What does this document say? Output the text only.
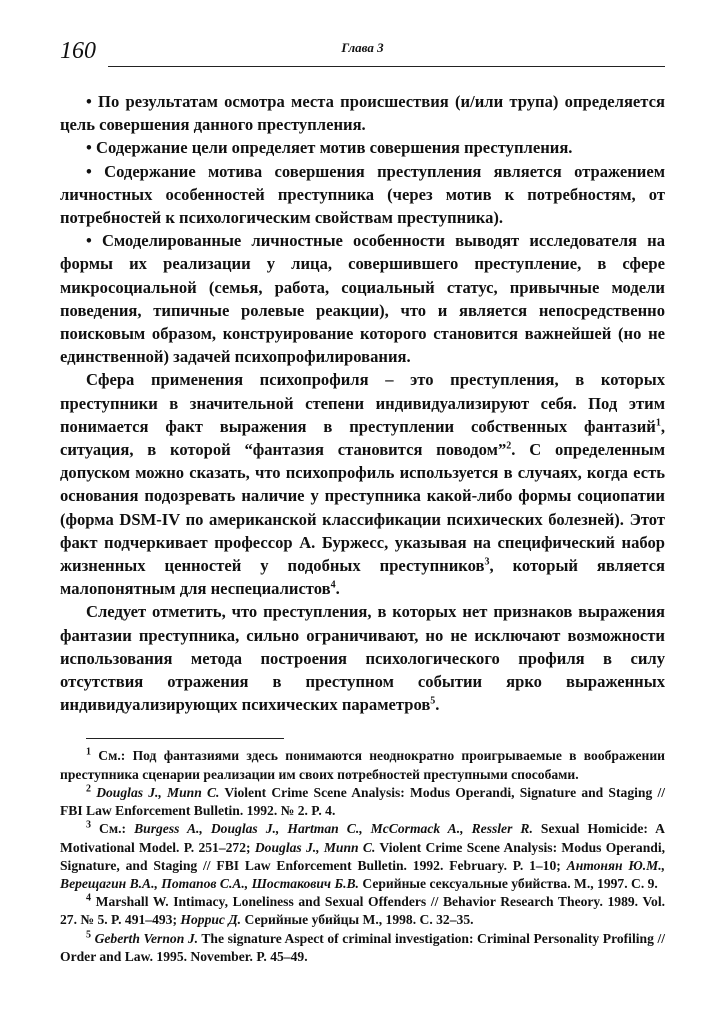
160	Глава 3

• По результатам осмотра места происшествия (и/или трупа) определяется цель совершения данного преступления.

• Содержание цели определяет мотив совершения преступления.

• Содержание мотива совершения преступления является отражением личностных особенностей преступника (через мотив к потребностям, от потребностей к психологическим свойствам преступника).

• Смоделированные личностные особенности выводят исследователя на формы их реализации у лица, совершившего преступление, в сфере микросоциальной (семья, работа, социальный статус, привычные модели поведения, типичные ролевые реакции), что и является непосредственно поисковым образом, конструирование которого становится важнейшей (но не единственной) задачей психопрофилирования.

Сфера применения психопрофиля – это преступления, в которых преступники в значительной степени индивидуализируют себя. Под этим понимается факт выражения в преступлении собственных фантазий$^1$, ситуация, в которой “фантазия становится поводом”$^2$. С определенным допуском можно сказать, что психопрофиль используется в случаях, когда есть основания подозревать наличие у преступника какой-либо формы социопатии (форма DSM-IV по американской классификации психических болезней). Этот факт подчеркивает профессор А. Буржесс, указывая на специфический набор жизненных ценностей у подобных преступников$^3$, который является малопонятным для неспециалистов$^4$.

Следует отметить, что преступления, в которых нет признаков выражения фантазии преступника, сильно ограничивают, но не исключают возможности использования метода построения психологического профиля в силу отсутствия отражения в преступном событии ярко выраженных индивидуализирующих психических параметров$^5$.

$^1$ См.: Под фантазиями здесь понимаются неоднократно проигрываемые в воображении преступника сценарии реализации им своих потребностей преступными способами.

$^2$ Douglas J., Munn C. Violent Crime Scene Analysis: Modus Operandi, Signature and Staging // FBI Law Enforcement Bulletin. 1992. № 2. P. 4.

$^3$ См.: Burgess A., Douglas J., Hartman C., McCormack A., Ressler R. Sexual Homicide: A Motivational Model. P. 251–272; Douglas J., Munn C. Violent Crime Scene Analysis: Modus Operandi, Signature, and Staging // FBI Law Enforcement Bulletin. 1992. February. P. 1–10; Антонян Ю.М., Верещагин В.А., Потапов С.А., Шостакович Б.В. Серийные сексуальные убийства. М., 1997. С. 9.

$^4$ Marshall W. Intimacy, Loneliness and Sexual Offenders // Behavior Research Theory. 1989. Vol. 27. № 5. P. 491–493; Норрис Д. Серийные убийцы М., 1998. С. 32–35.

$^5$ Geberth Vernon J. The signature Aspect of criminal investigation: Criminal Personality Profiling // Order and Law. 1995. November. P. 45–49.
